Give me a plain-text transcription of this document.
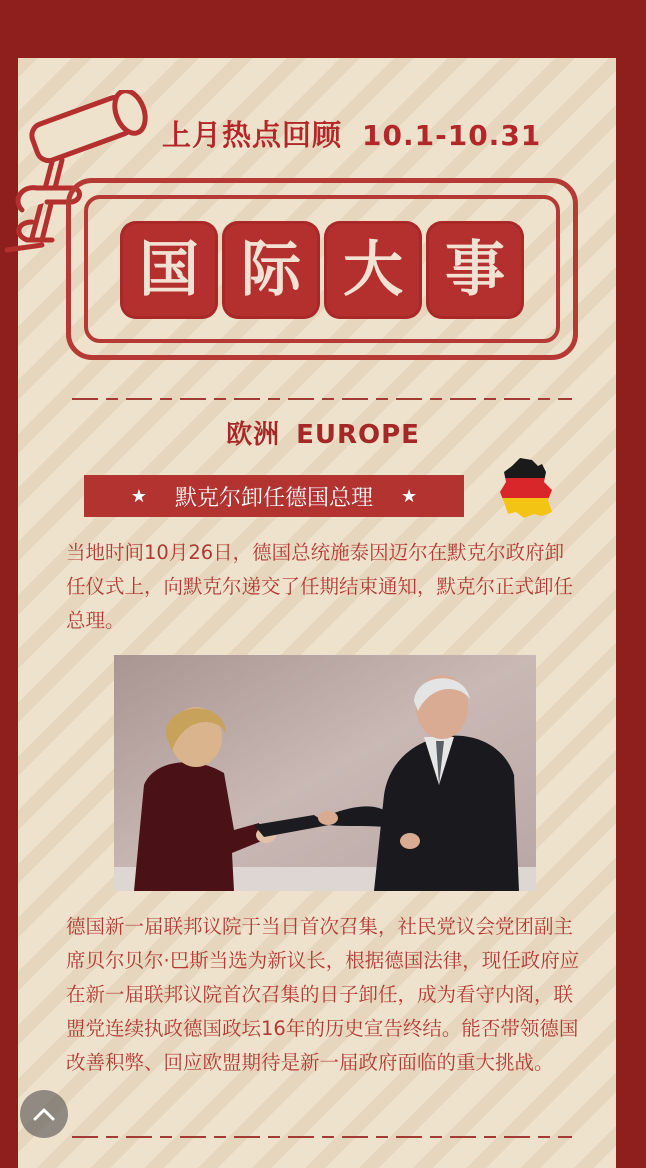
上月热点回顾 10.1-10.31
国 际 大 事
欧洲 EUROPE
★ 默克尔卸任德国总理 ★

当地时间10月26日，德国总统施泰因迈尔在默克尔政府卸任仪式上，向默克尔递交了任期结束通知，默克尔正式卸任总理。

德国新一届联邦议院于当日首次召集，社民党议会党团副主席贝尔贝尔·巴斯当选为新议长，根据德国法律，现任政府应在新一届联邦议院首次召集的日子卸任，成为看守内阁，联盟党连续执政德国政坛16年的历史宣告终结。能否带领德国改善积弊、回应欧盟期待是新一届政府面临的重大挑战。
